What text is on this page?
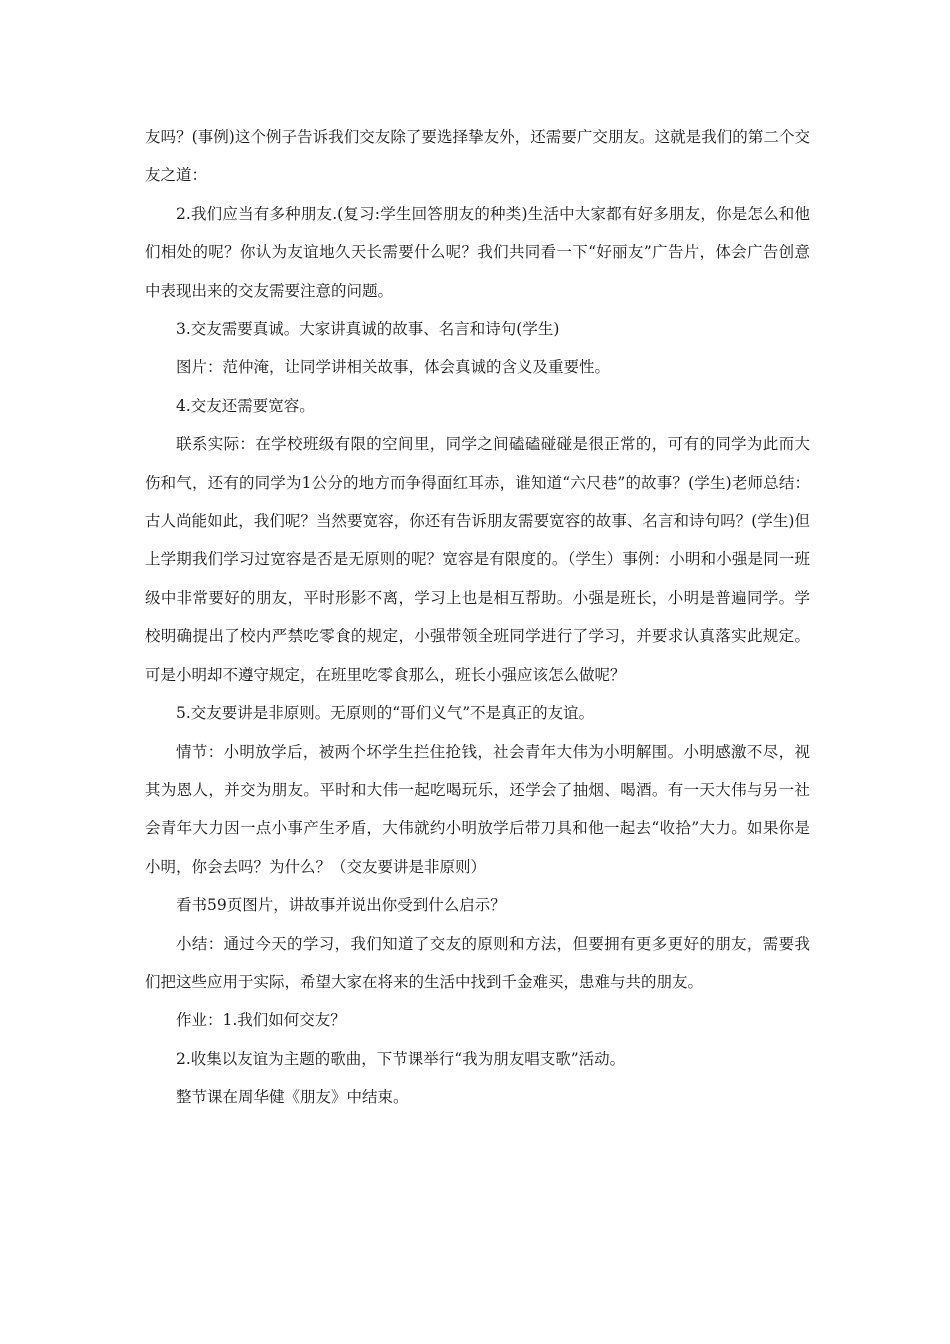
友吗？(事例)这个例子告诉我们交友除了要选择挚友外，还需要广交朋友。这就是我们的第二个交友之道：

2.我们应当有多种朋友.(复习:学生回答朋友的种类)生活中大家都有好多朋友，你是怎么和他们相处的呢？你认为友谊地久天长需要什么呢？我们共同看一下“好丽友”广告片，体会广告创意中表现出来的交友需要注意的问题。

3.交友需要真诚。大家讲真诚的故事、名言和诗句(学生)

图片：范仲淹，让同学讲相关故事，体会真诚的含义及重要性。

4.交友还需要宽容。

联系实际：在学校班级有限的空间里，同学之间磕磕碰碰是很正常的，可有的同学为此而大伤和气，还有的同学为1公分的地方而争得面红耳赤，谁知道“六尺巷”的故事？(学生)老师总结：古人尚能如此，我们呢？当然要宽容，你还有告诉朋友需要宽容的故事、名言和诗句吗？(学生)但上学期我们学习过宽容是否是无原则的呢？宽容是有限度的。（学生）事例：小明和小强是同一班级中非常要好的朋友，平时形影不离，学习上也是相互帮助。小强是班长，小明是普遍同学。学校明确提出了校内严禁吃零食的规定，小强带领全班同学进行了学习，并要求认真落实此规定。可是小明却不遵守规定，在班里吃零食那么，班长小强应该怎么做呢？

5.交友要讲是非原则。无原则的“哥们义气”不是真正的友谊。

情节：小明放学后，被两个坏学生拦住抢钱，社会青年大伟为小明解围。小明感激不尽，视其为恩人，并交为朋友。平时和大伟一起吃喝玩乐，还学会了抽烟、喝酒。有一天大伟与另一社会青年大力因一点小事产生矛盾，大伟就约小明放学后带刀具和他一起去“收拾”大力。如果你是小明，你会去吗？为什么？（交友要讲是非原则）

看书59页图片，讲故事并说出你受到什么启示？

小结：通过今天的学习，我们知道了交友的原则和方法，但要拥有更多更好的朋友，需要我们把这些应用于实际，希望大家在将来的生活中找到千金难买，患难与共的朋友。

作业：1.我们如何交友？

2.收集以友谊为主题的歌曲，下节课举行“我为朋友唱支歌”活动。

整节课在周华健《朋友》中结束。
